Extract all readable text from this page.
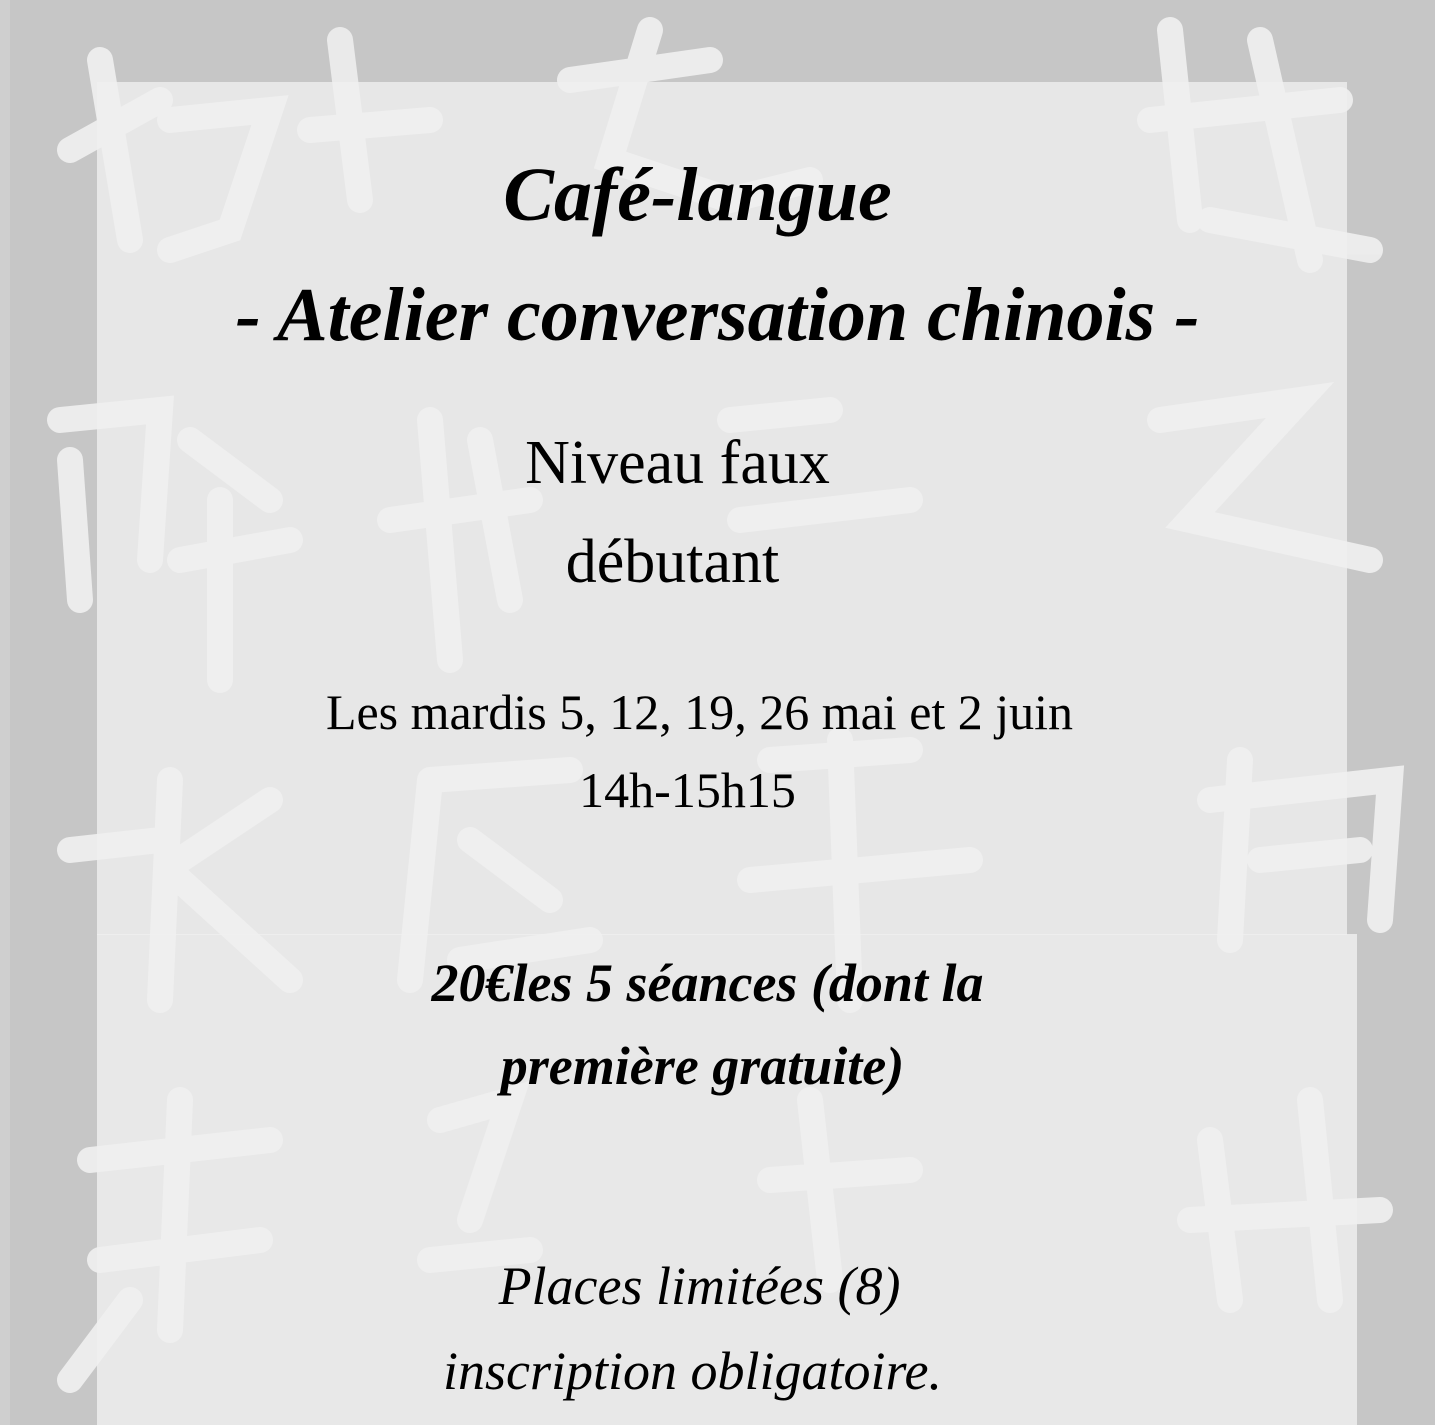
Café-langue
- Atelier conversation chinois -
Niveau faux
débutant
Les mardis 5, 12, 19, 26 mai et 2 juin
14h-15h15
20€les 5 séances (dont la
première gratuite)
Places limitées (8)
inscription obligatoire.
